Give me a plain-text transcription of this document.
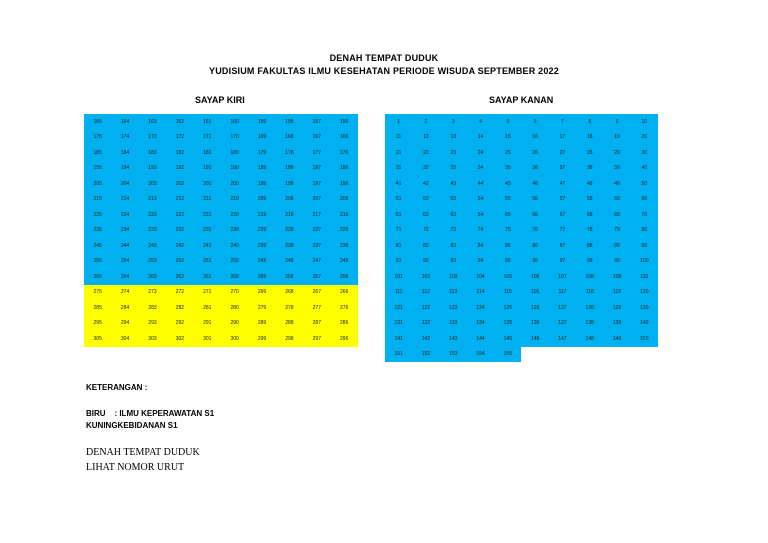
DENAH TEMPAT DUDUK
YUDISIUM FAKULTAS ILMU KESEHATAN PERIODE WISUDA SEPTEMBER 2022
SAYAP KIRI	SAYAP KANAN
165	164	163	162	161	160	159	158	157	156
175	174	173	172	171	170	169	168	167	166
185	184	183	182	181	180	179	178	177	176
195	194	193	192	191	190	189	188	187	186
205	204	203	202	201	200	199	198	197	196
215	214	213	212	211	210	209	208	207	206
225	224	223	222	221	220	219	218	217	216
235	234	233	232	231	230	229	228	227	226
245	244	243	242	241	240	239	238	237	236
255	254	253	252	251	250	249	248	247	246
265	264	263	262	261	260	259	258	257	256
275	274	273	272	271	270	269	268	267	266
285	284	283	282	281	280	279	278	277	276
295	294	293	292	291	290	289	288	287	286
305	304	303	302	301	300	299	298	297	296
1	2	3	4	5	6	7	8	9	10
11	12	13	14	15	16	17	18	19	20
21	22	23	24	25	26	27	28	29	30
31	32	33	34	35	36	37	38	39	40
41	42	43	44	45	46	47	48	49	50
51	52	53	54	55	56	57	58	59	60
61	62	63	64	65	66	67	68	69	70
71	72	73	74	75	76	77	78	79	80
81	82	83	84	85	86	87	88	89	90
91	92	93	94	95	96	97	98	99	100
101	102	103	104	105	106	107	108	109	110
111	112	113	114	115	116	117	118	119	120
121	122	123	124	125	126	127	128	129	130
131	132	133	134	135	136	137	138	139	140
141	142	143	144	145	146	147	148	149	150
151	152	153	154	155
KETERANGAN :
BIRU    : ILMU KEPERAWATAN S1
KUNINGKEBIDANAN S1
DENAH TEMPAT DUDUK
LIHAT NOMOR URUT
